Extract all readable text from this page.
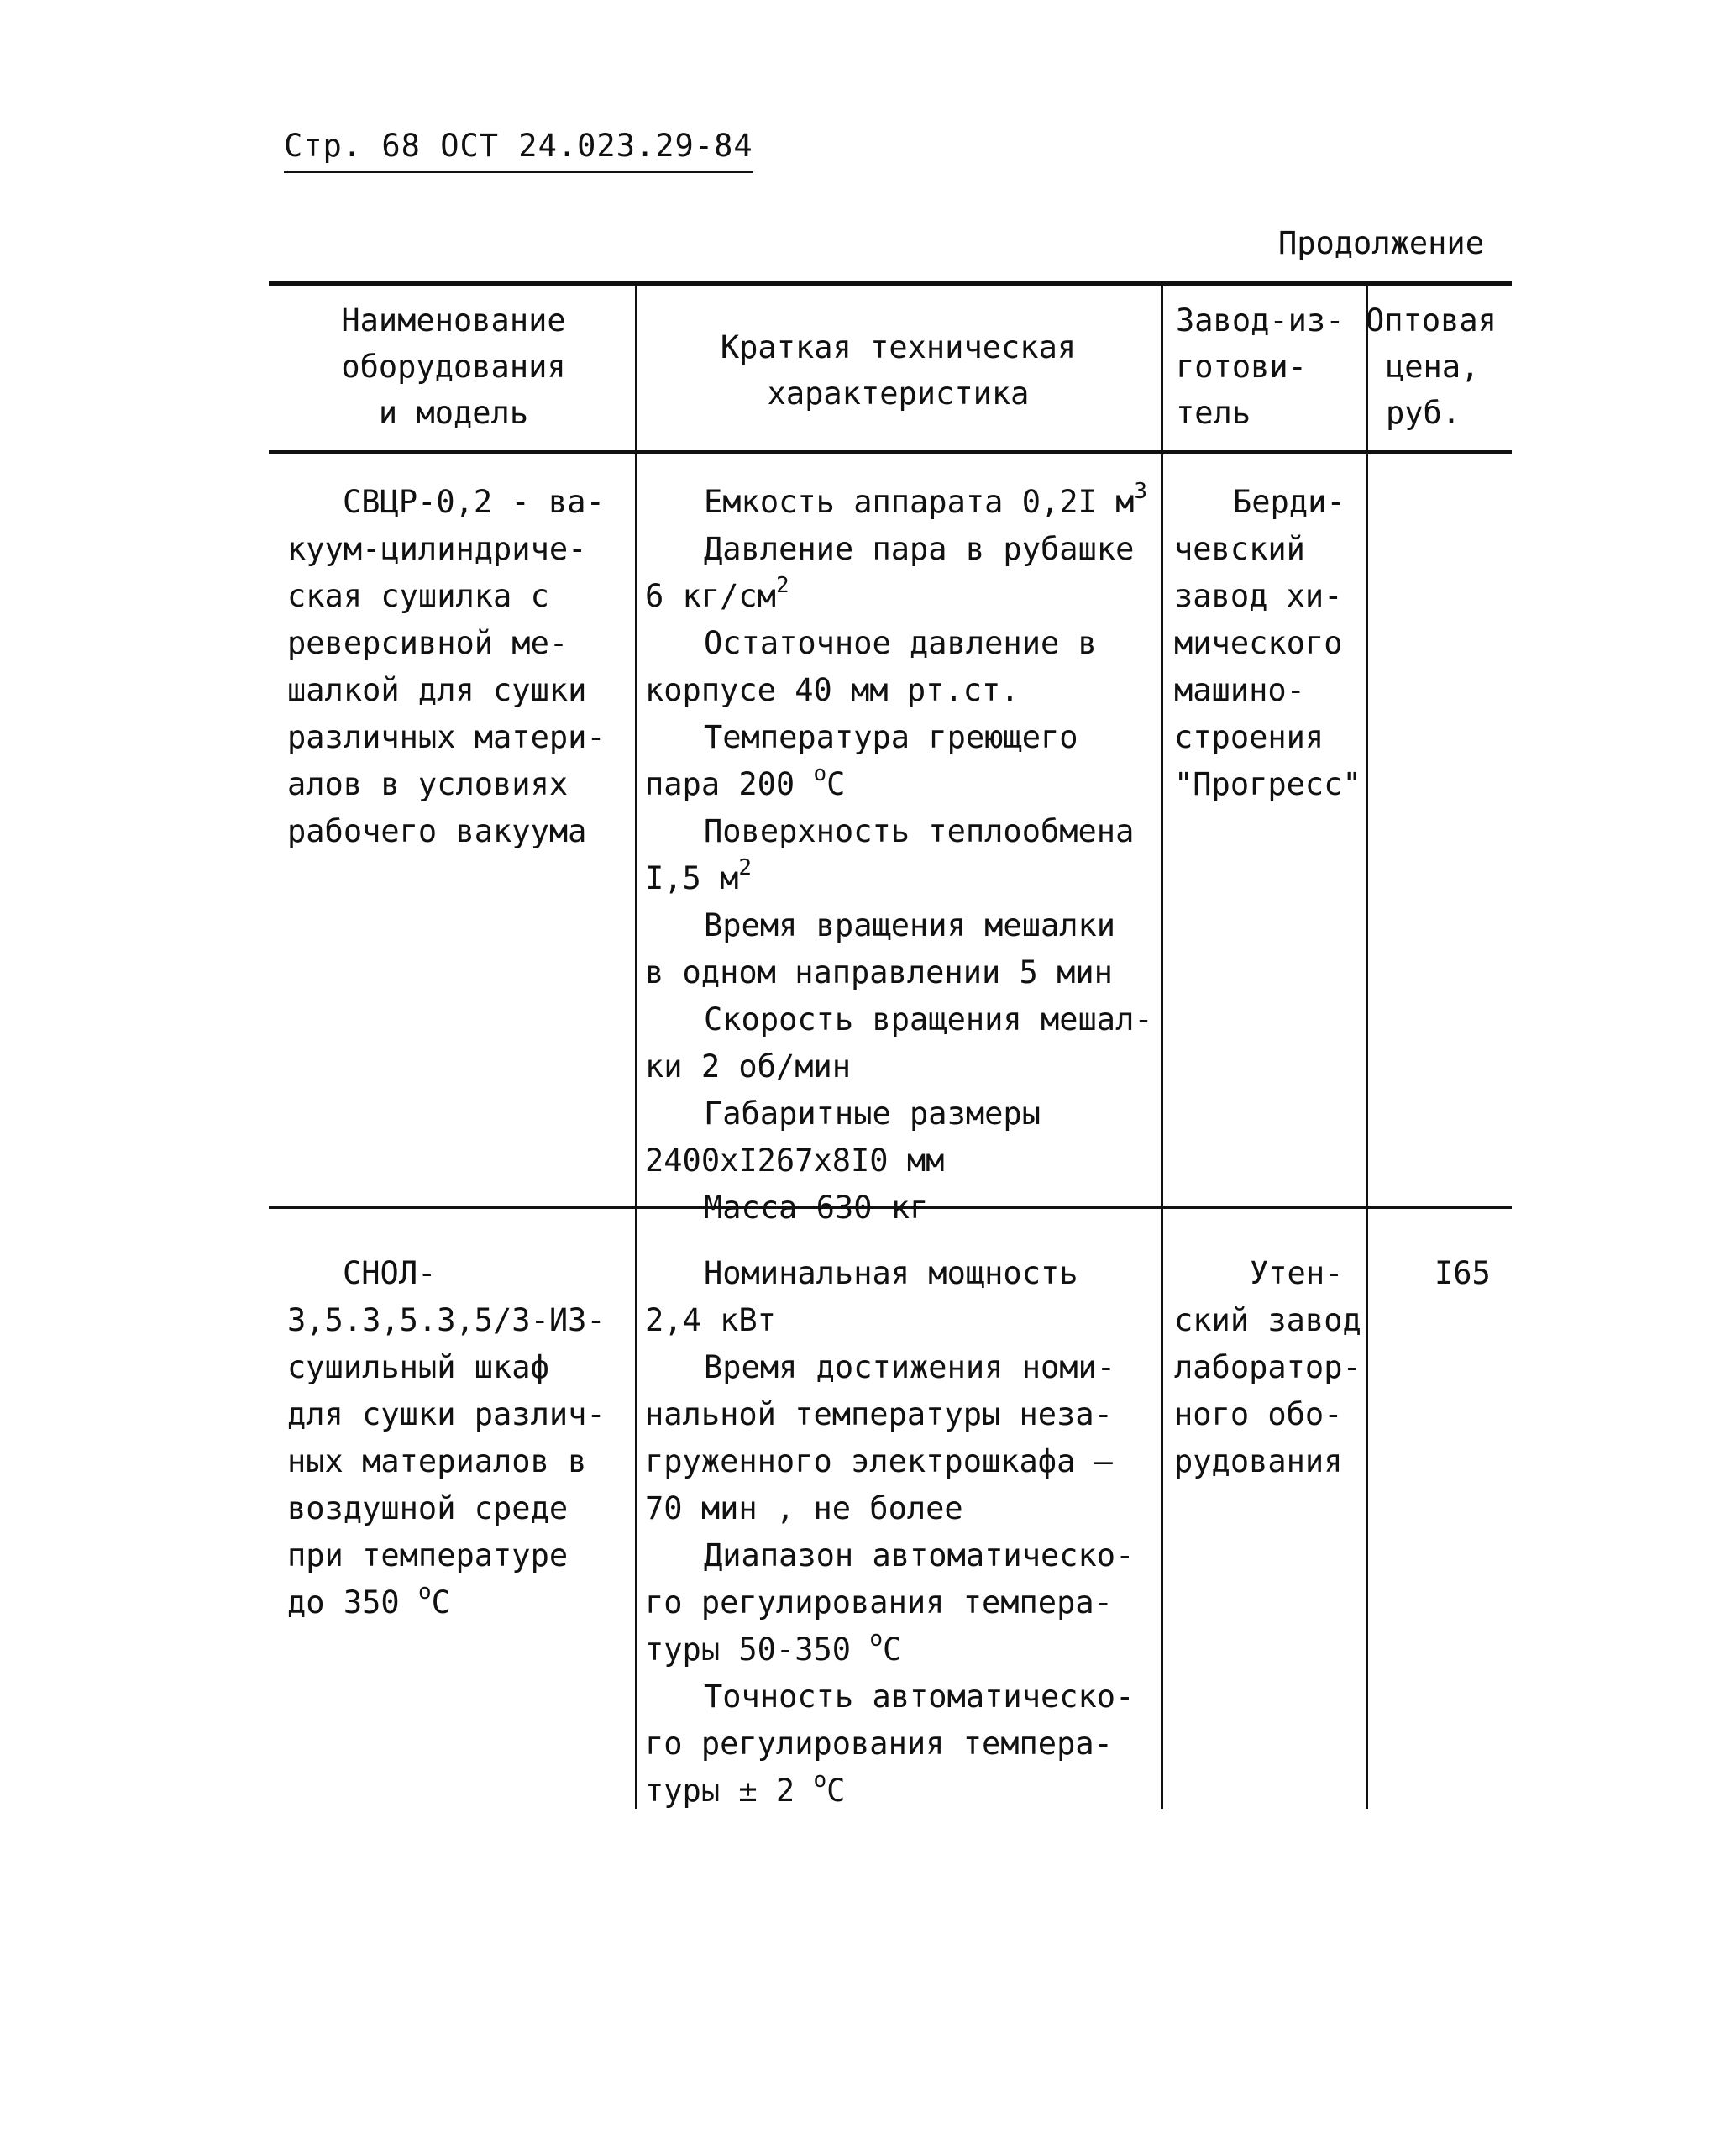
Стр. 68 ОСТ 24.023.29-84
Продолжение
Наименование
оборудования
и модель
Краткая техническая
характеристика
Завод-из-
готови-
тель
Оптовая
цена,
руб.
СВЦР-0,2 - ва-
куум-цилиндриче-
ская сушилка с
реверсивной ме-
шалкой для сушки
различных матери-
алов в условиях
рабочего вакуума
Емкость аппарата 0,2I $м^3$
Давление пара в рубашке
6 $кг/см^2$
Остаточное давление в
корпусе 40 мм рт.ст.
Температура греющего
пара 200 $^о$С
Поверхность теплообмена
I,5 $м^2$
Время вращения мешалки
в одном направлении 5 мин
Скорость вращения мешал-
ки 2 об/мин
Габаритные размеры
2400xI267x8I0 мм
Масса 630 кг
Берди-
чевский
завод хи-
мического
машино-
строения
"Прогресс"
СНОЛ-
3,5.3,5.3,5/3-ИЗ-
сушильный шкаф
для сушки различ-
ных материалов в
воздушной среде
при температуре
до 350 $^о$С
Номинальная мощность
2,4 кВт
Время достижения номи-
нальной температуры неза-
груженного электрошкафа —
70 мин , не более
Диапазон автоматическо-
го регулирования темпера-
туры 50-350 $^о$С
Точность автоматическо-
го регулирования темпера-
туры ± 2 $^о$С
Утен-
ский завод
лаборатор-
ного обо-
рудования
I65
